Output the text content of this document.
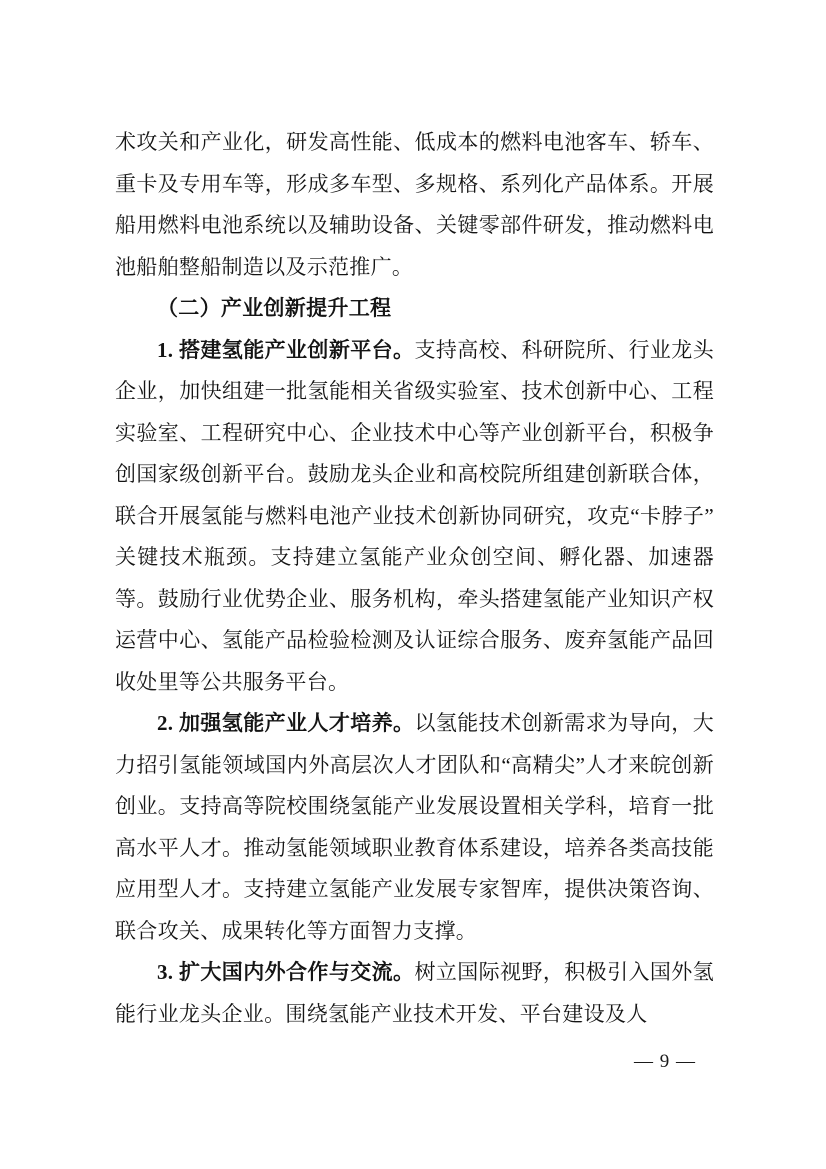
术攻关和产业化，研发高性能、低成本的燃料电池客车、轿车、重卡及专用车等，形成多车型、多规格、系列化产品体系。开展船用燃料电池系统以及辅助设备、关键零部件研发，推动燃料电池船舶整船制造以及示范推广。

（二）产业创新提升工程

1. 搭建氢能产业创新平台。支持高校、科研院所、行业龙头企业，加快组建一批氢能相关省级实验室、技术创新中心、工程实验室、工程研究中心、企业技术中心等产业创新平台，积极争创国家级创新平台。鼓励龙头企业和高校院所组建创新联合体，联合开展氢能与燃料电池产业技术创新协同研究，攻克“卡脖子”关键技术瓶颈。支持建立氢能产业众创空间、孵化器、加速器等。鼓励行业优势企业、服务机构，牵头搭建氢能产业知识产权运营中心、氢能产品检验检测及认证综合服务、废弃氢能产品回收处里等公共服务平台。

2. 加强氢能产业人才培养。以氢能技术创新需求为导向，大力招引氢能领域国内外高层次人才团队和“高精尖”人才来皖创新创业。支持高等院校围绕氢能产业发展设置相关学科，培育一批高水平人才。推动氢能领域职业教育体系建设，培养各类高技能应用型人才。支持建立氢能产业发展专家智库，提供决策咨询、联合攻关、成果转化等方面智力支撑。

3. 扩大国内外合作与交流。树立国际视野，积极引入国外氢能行业龙头企业。围绕氢能产业技术开发、平台建设及人

— 9 —
